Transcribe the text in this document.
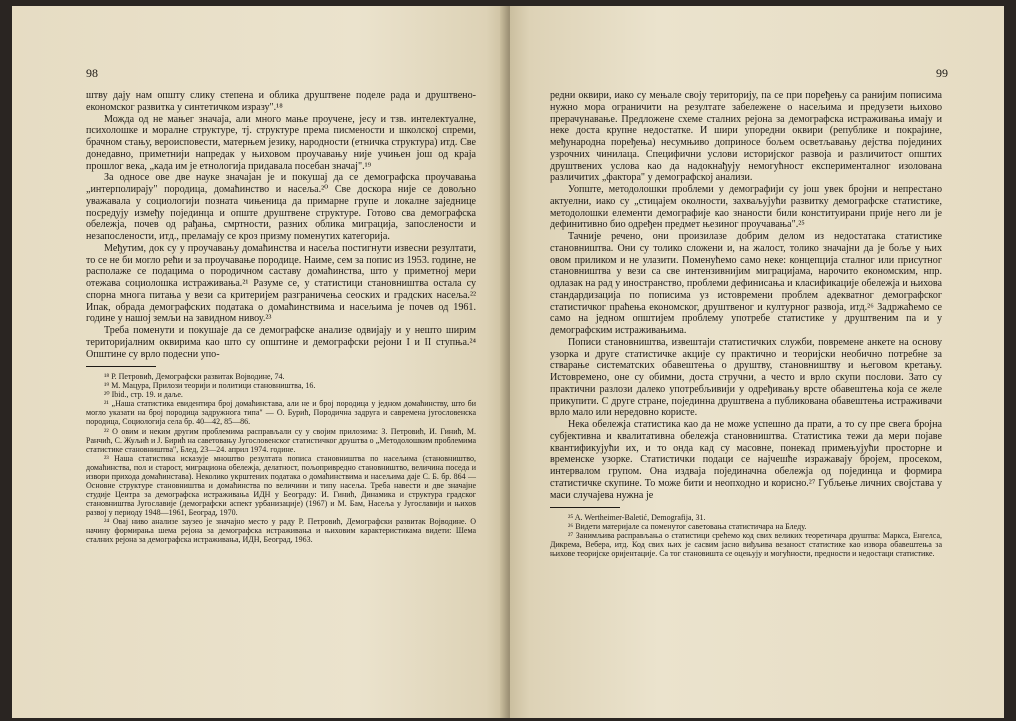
98

штву дају нам општу слику степена и облика друштвене поделе рада и друштвено-економског развитка у синтетичком изразу".¹⁸

Можда од не мањег значаја, али много мање проучене, јесу и тзв. интелектуалне, психолошке и моралне структуре, тј. структуре према писмености и школској спреми, брачном стању, вероисповести, матерњем језику, народности (етничка структура) итд. Све донедавно, приметнији напредак у њиховом проучавању није учињен још од краја прошлог века, „када им је етнологија придавала посебан значај".¹⁹

За односе ове две науке значајан је и покушај да се демографска проучавања „интерполирају" породица, домаћинство и насеља.²⁰ Све доскора није се довољно уважавала у социологији позната чињеница да примарне групе и локалне заједнице посредују између појединца и опште друштвене структуре. Готово сва демографска обележја, почев од рађања, смртности, разних облика миграција, запослености и незапослености, итд., преламају се кроз призму поменутих категорија.

Међутим, док су у проучавању домаћинства и насеља постигнути извесни резултати, то се не би могло рећи и за проучавање породице. Наиме, сем за попис из 1953. године, не располаже се подацима о породичном саставу домаћинства, што у приметној мери отежава социолошка истраживања.²¹ Разуме се, у статистици становништва остала су спорна многа питања у вези са критеријем разграничења сеоских и градских насеља.²² Ипак, обрада демографских података о домаћинствима и насељима је почев од 1961. године у нашој земљи на завидном нивоу.²³

Треба поменути и покушаје да се демографске анализе одвијају и у нешто ширим територијалним оквирима као што су општине и демографски рејони I и II ступња.²⁴ Општине су врло подесни упо-

¹⁸ Р. Петровић, Демографски развитак Војводине, 74.

¹⁹ М. Мацура, Прилози теорији и политици становништва, 16.

²⁰ Ibid., стр. 19. и даље.

²¹ „Наша статистика евидентира број домаћинстава, али не и број породица у једном домаћинству, што би могло указати на број породица задружнога типа" — О. Бурић, Породична задруга и савремена југословенска породица, Социологија села бр. 40—42, 85—86.

²² О овим и неким другим проблемима расправљали су у својим прилозима: З. Петровић, И. Гинић, М. Ранчић, С. Жуљић и Ј. Бирић на саветовању Југословенског статистичког друштва о „Методолошким проблемима статистике становништва", Блед, 23—24. април 1974. године.

²³ Наша статистика исказује мноштво резултата пописа становништва по насељима (становништво, домаћинства, пол и старост, миграциона обележја, делатност, пољопривредно становништво, величина поседа и извори прихода домаћинстава). Неколико укрштених података о домаћинствима и насељима даје С. Б. бр. 864 — Основне структуре становништва и домаћинства по величини и типу насеља. Треба навести и две значајне студије Центра за демографска истраживања ИДН у Београду: И. Гинић, Динамика и структура градског становништва Југославије (демографски аспект урбанизације) (1967) и М. Бам, Насеља у Југославији и њихов развој у периоду 1948—1961, Београд, 1970.

²⁴ Овај ниво анализе заузео је значајно место у раду Р. Петровић, Демографски развитак Војводине. О начину формирања шема рејона за демографска истраживања и њиховим карактеристикама видети: Шема сталних рејона за демографска истраживања, ИДН, Београд, 1963.

99

редни оквири, иако су мењале своју територију, па се при поређењу са ранијим пописима нужно мора ограничити на резултате забележене о насељима и предузети њихово прерачунавање. Предложене схеме сталних рејона за демографска истраживања имају и неке доста крупне недостатке. И шири упоредни оквири (републике и покрајине, међународна поређења) несумњиво доприносе бољем осветљавању дејства појединих узрочних чинилаца. Специфични услови историјског развоја и различитост општих друштвених услова као да надокнађују немогућност експерименталног изолована различитих „фактора" у демографској анализи.

Уопште, методолошки проблеми у демографији су још увек бројни и непрестано актуелни, иако су „стицајем околности, захваљујући развитку демографске статистике, методолошки елементи демографије као знаности били конституирани прије него ли је дефинитивно био одређен предмет њезиног проучавања".²⁵

Тачније речено, они произилазе добрим делом из недостатака статистике становништва. Они су толико сложени и, на жалост, толико значајни да је боље у њих овом приликом и не улазити. Поменућемо само неке: концепција сталног или присутног становништва у вези са све интензивнијим миграцијама, нарочито економским, нпр. одлазак на рад у иностранство, проблеми дефинисања и класификације обележја и њихова стандардизација по пописима уз истовремени проблем адекватног демографског статистичког праћења економског, друштвеног и културног развоја, итд.²⁶ Задржаћемо се само на једном општијем проблему употребе статистике у друштвеним па и у демографским истраживањима.

Пописи становништва, извештаји статистичких служби, повремене анкете на основу узорка и друге статистичке акције су практично и теоријски необично потребне за стварање систематских обавештења о друштву, становништву и његовом кретању. Истовремено, оне су обимни, доста стручни, а често и врло скупи послови. Зато су практични разлози далеко употребљивији у одређивању врсте обавештења која се желе прикупити. С друге стране, појединна друштвена а публикована обавештења истраживачи врло мало или нередовно користе.

Нека обележја статистика као да не може успешно да прати, а то су пре свега бројна субјективна и квалитативна обележја становништва. Статистика тежи да мери појаве квантификујући их, и то онда кад су масовне, понекад примењујући просторне и временске узорке. Статистички подаци се најчешће изражавају бројем, просеком, интервалом групом. Она издваја појединачна обележја од појединца и формира статистичке скупине. То може бити и неопходно и корисно.²⁷ Губљење личних својстава у маси случајева нужна је

²⁵ A. Wertheimer-Baletić, Demografija, 31.

²⁶ Видети материјале са поменутог саветовања статистичара на Бледу.

²⁷ Занимљива расправљања о статистици срећемо код свих великих теоретичара друштва: Маркса, Енгелса, Дикрема, Вебера, итд. Код свих њих је сасвим јасно виђљива везаност статистике као извора обавештења за њихове теоријске оријентације. Са тог становишта се оцењују и могућности, предности и недостаци статистике.
